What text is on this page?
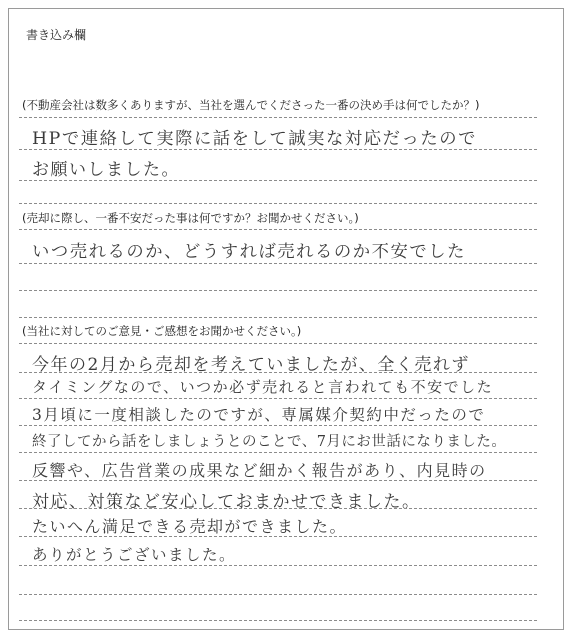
書き込み欄
(不動産会社は数多くありますが、当社を選んでくださった一番の決め手は何でしたか？)
HPで連絡して実際に話をして誠実な対応だったので
お願いしました。
(売却に際し、一番不安だった事は何ですか？お聞かせください。)
いつ売れるのか、どうすれば売れるのか不安でした
(当社に対してのご意見・ご感想をお聞かせください。)
今年の2月から売却を考えていましたが、全く売れず
タイミングなので、いつか必ず売れると言われても不安でした
3月頃に一度相談したのですが、専属媒介契約中だったので
終了してから話をしましょうとのことで、7月にお世話になりました。
反響や、広告営業の成果など細かく報告があり、内見時の
対応、対策など安心しておまかせできました。
たいへん満足できる売却ができました。
ありがとうございました。
